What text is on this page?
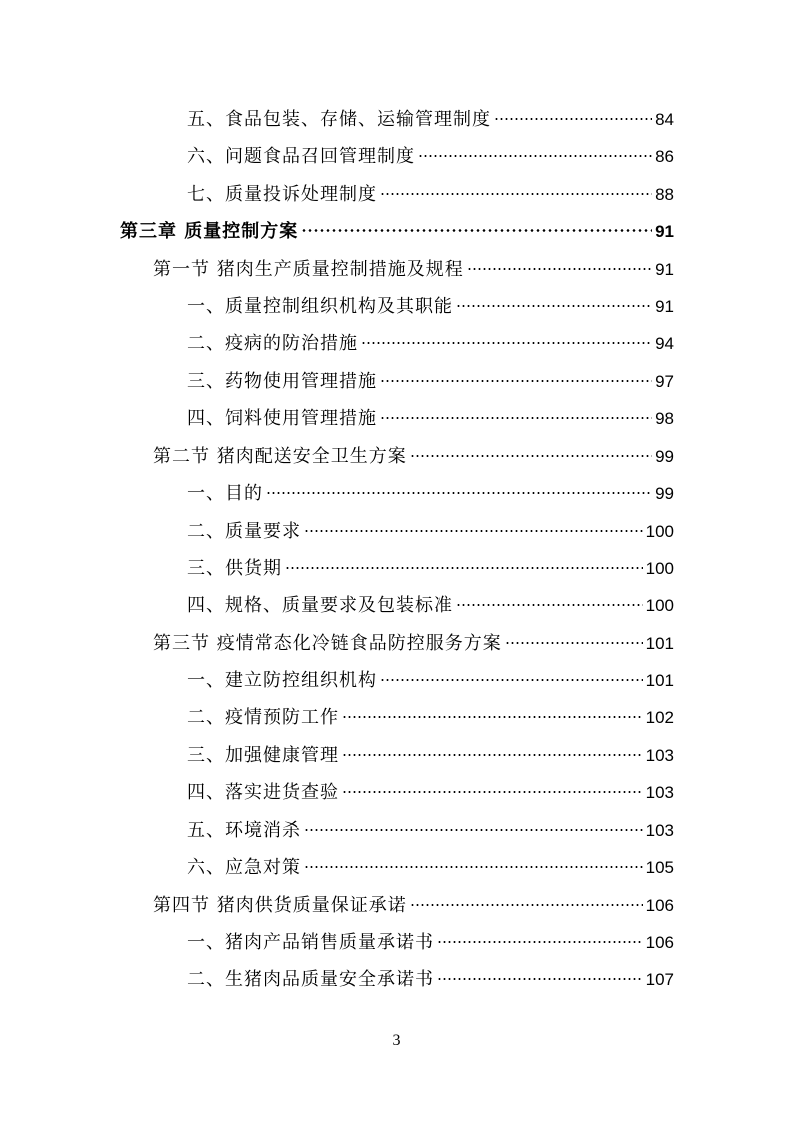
五、食品包装、存储、运输管理制度	84
六、问题食品召回管理制度	86
七、质量投诉处理制度	88
第三章 质量控制方案	91
第一节 猪肉生产质量控制措施及规程	91
一、质量控制组织机构及其职能	91
二、疫病的防治措施	94
三、药物使用管理措施	97
四、饲料使用管理措施	98
第二节 猪肉配送安全卫生方案	99
一、目的	99
二、质量要求	100
三、供货期	100
四、规格、质量要求及包装标准	100
第三节 疫情常态化冷链食品防控服务方案	101
一、建立防控组织机构	101
二、疫情预防工作	102
三、加强健康管理	103
四、落实进货查验	103
五、环境消杀	103
六、应急对策	105
第四节 猪肉供货质量保证承诺	106
一、猪肉产品销售质量承诺书	106
二、生猪肉品质量安全承诺书	107
3
